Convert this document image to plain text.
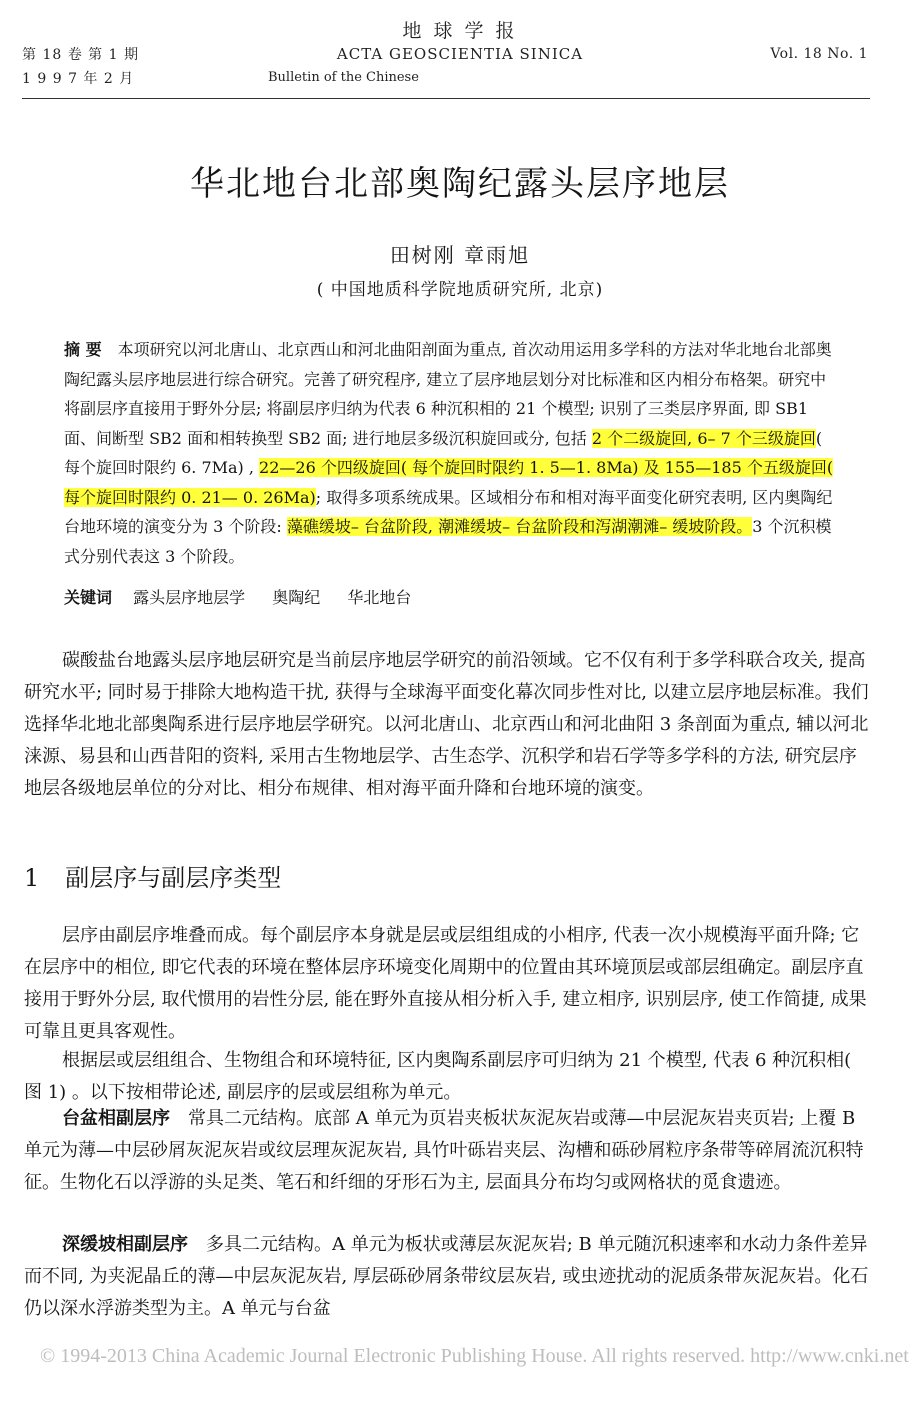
第 18 卷 第 1 期
1 9 9 7 年 2 月
地 球 学 报
ACTA GEOSCIENTIA SINICA
Bulletin of the Chinese
Vol. 18 No. 1
华北地台北部奥陶纪露头层序地层
田树刚 章雨旭
( 中国地质科学院地质研究所, 北京)
摘 要 本项研究以河北唐山、北京西山和河北曲阳剖面为重点, 首次动用运用多学科的方法对华北地台北部奥陶纪露头层序地层进行综合研究。完善了研究程序, 建立了层序地层划分对比标准和区内相分布格架。研究中将副层序直接用于野外分层; 将副层序归纳为代表 6 种沉积相的 21 个模型; 识别了三类层序界面, 即 SB1 面、间断型 SB2 面和相转换型 SB2 面; 进行地层多级沉积旋回或分, 包括 2 个二级旋回, 6– 7 个三级旋回( 每个旋回时限约 6. 7Ma) , 22—26 个四级旋回( 每个旋回时限约 1. 5—1. 8Ma) 及 155—185 个五级旋回( 每个旋回时限约 0. 21— 0. 26Ma); 取得多项系统成果。区域相分布和相对海平面变化研究表明, 区内奥陶纪台地环境的演变分为 3 个阶段: 藻礁缓坡– 台盆阶段, 潮滩缓坡– 台盆阶段和泻湖潮滩– 缓坡阶段。3 个沉积模式分别代表这 3 个阶段。
关键词 露头层序地层学 奥陶纪 华北地台
碳酸盐台地露头层序地层研究是当前层序地层学研究的前沿领域。它不仅有利于多学科联合攻关, 提高研究水平; 同时易于排除大地构造干扰, 获得与全球海平面变化幕次同步性对比, 以建立层序地层标准。我们选择华北地北部奥陶系进行层序地层学研究。以河北唐山、北京西山和河北曲阳 3 条剖面为重点, 辅以河北涞源、易县和山西昔阳的资料, 采用古生物地层学、古生态学、沉积学和岩石学等多学科的方法, 研究层序地层各级地层单位的分对比、相分布规律、相对海平面升降和台地环境的演变。
1 副层序与副层序类型
层序由副层序堆叠而成。每个副层序本身就是层或层组组成的小相序, 代表一次小规模海平面升降; 它在层序中的相位, 即它代表的环境在整体层序环境变化周期中的位置由其环境顶层或部层组确定。副层序直接用于野外分层, 取代惯用的岩性分层, 能在野外直接从相分析入手, 建立相序, 识别层序, 使工作简捷, 成果可靠且更具客观性。
根据层或层组组合、生物组合和环境特征, 区内奥陶系副层序可归纳为 21 个模型, 代表 6 种沉积相( 图 1) 。以下按相带论述, 副层序的层或层组称为单元。
台盆相副层序 常具二元结构。底部 A 单元为页岩夹板状灰泥灰岩或薄—中层泥灰岩夹页岩; 上覆 B 单元为薄—中层砂屑灰泥灰岩或纹层理灰泥灰岩, 具竹叶砾岩夹层、沟槽和砾砂屑粒序条带等碎屑流沉积特征。生物化石以浮游的头足类、笔石和纤细的牙形石为主, 层面具分布均匀或网格状的觅食遗迹。
深缓坡相副层序 多具二元结构。A 单元为板状或薄层灰泥灰岩; B 单元随沉积速率和水动力条件差异而不同, 为夹泥晶丘的薄—中层灰泥灰岩, 厚层砾砂屑条带纹层灰岩, 或虫迹扰动的泥质条带灰泥灰岩。化石仍以深水浮游类型为主。A 单元与台盆
© 1994-2013 China Academic Journal Electronic Publishing House. All rights reserved. http://www.cnki.net
